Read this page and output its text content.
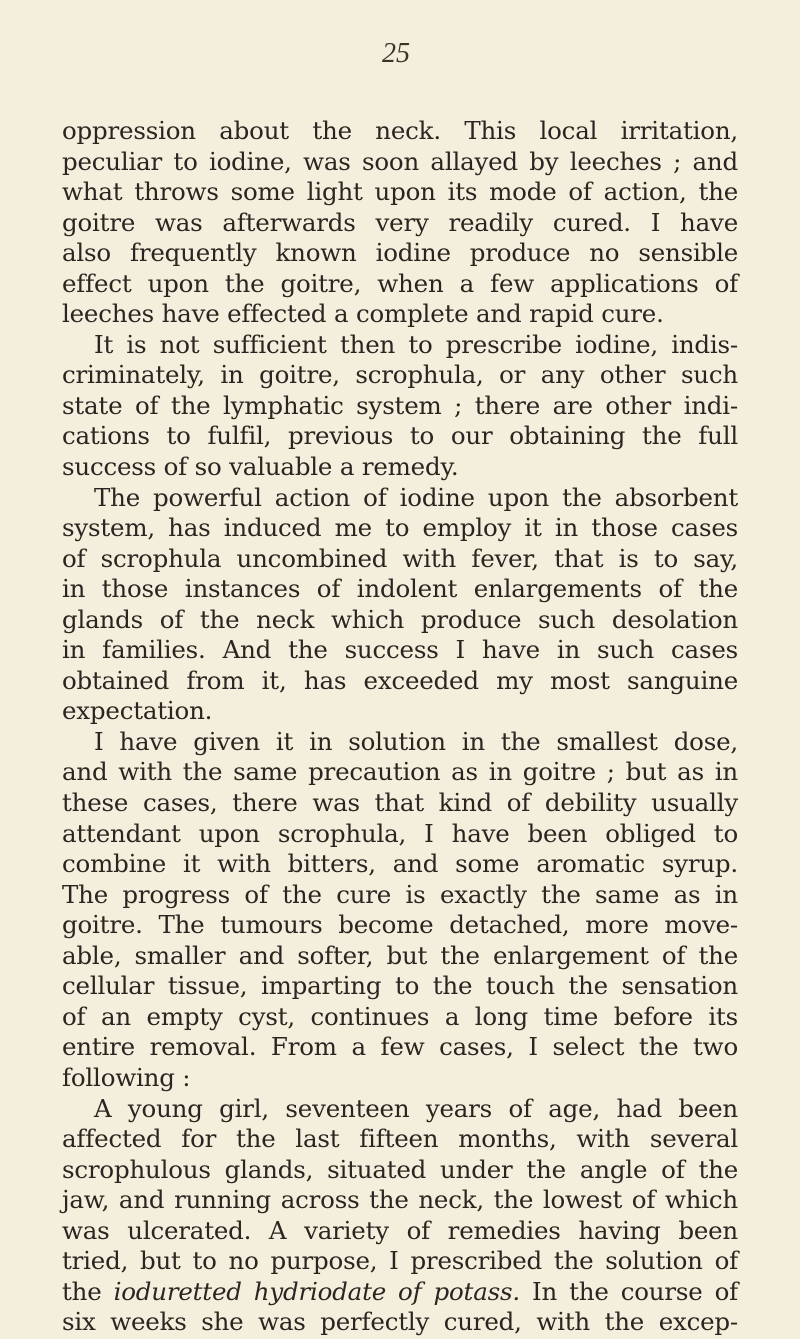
25
oppression about the neck. This local irritation,
peculiar to iodine, was soon allayed by leeches ; and
what throws some light upon its mode of action, the
goitre was afterwards very readily cured. I have
also frequently known iodine produce no sensible
effect upon the goitre, when a few applications of
leeches have effected a complete and rapid cure.
It is not sufficient then to prescribe iodine, indis-
criminately, in goitre, scrophula, or any other such
state of the lymphatic system ; there are other indi-
cations to fulfil, previous to our obtaining the full
success of so valuable a remedy.
The powerful action of iodine upon the absorbent
system, has induced me to employ it in those cases
of scrophula uncombined with fever, that is to say,
in those instances of indolent enlargements of the
glands of the neck which produce such desolation
in families. And the success I have in such cases
obtained from it, has exceeded my most sanguine
expectation.
I have given it in solution in the smallest dose,
and with the same precaution as in goitre ; but as in
these cases, there was that kind of debility usually
attendant upon scrophula, I have been obliged to
combine it with bitters, and some aromatic syrup.
The progress of the cure is exactly the same as in
goitre. The tumours become detached, more move-
able, smaller and softer, but the enlargement of the
cellular tissue, imparting to the touch the sensation
of an empty cyst, continues a long time before its
entire removal. From a few cases, I select the two
following :
A young girl, seventeen years of age, had been
affected for the last fifteen months, with several
scrophulous glands, situated under the angle of the
jaw, and running across the neck, the lowest of which
was ulcerated. A variety of remedies having been
tried, but to no purpose, I prescribed the solution of
the ioduretted hydriodate of potass. In the course of
six weeks she was perfectly cured, with the excep-
